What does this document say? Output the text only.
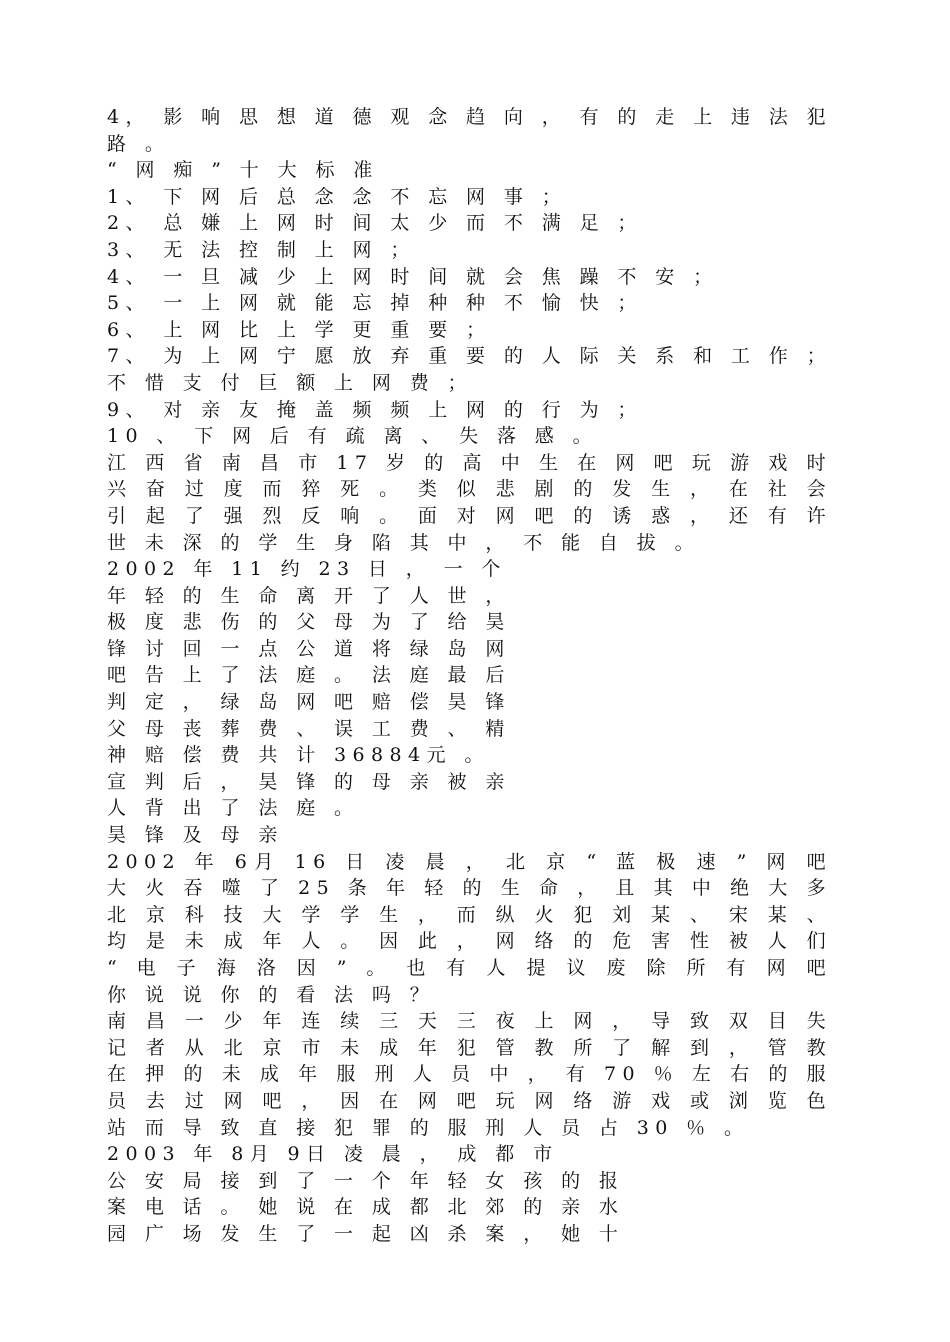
4， 影 响 思 想 道 德 观 念 趋 向 ， 有 的 走 上 违 法 犯
路 。
“ 网 痴 ” 十 大 标 准
1、 下 网 后 总 念 念 不 忘 网 事 ；
2、 总 嫌 上 网 时 间 太 少 而 不 满 足 ；
3、 无 法 控 制 上 网 ；
4、 一 旦 减 少 上 网 时 间 就 会 焦 躁 不 安 ；
5、 一 上 网 就 能 忘 掉 种 种 不 愉 快 ；
6、 上 网 比 上 学 更 重 要 ；
7、 为 上 网 宁 愿 放 弃 重 要 的 人 际 关 系 和 工 作 ；
不 惜 支 付 巨 额 上 网 费 ；
9、 对 亲 友 掩 盖 频 频 上 网 的 行 为 ；
10 、 下 网 后 有 疏 离 、 失 落 感 。
江 西 省 南 昌 市 17 岁 的 高 中 生 在 网 吧 玩 游 戏 时
兴 奋 过 度 而 猝 死 。 类 似 悲 剧 的 发 生 ， 在 社 会
引 起 了 强 烈 反 响 。 面 对 网 吧 的 诱 惑 ， 还 有 许
世 未 深 的 学 生 身 陷 其 中 ， 不 能 自 拔 。
2002 年 11 约 23 日 ， 一 个
年 轻 的 生 命 离 开 了 人 世 ，
极 度 悲 伤 的 父 母 为 了 给 昊
锋 讨 回 一 点 公 道 将 绿 岛 网
吧 告 上 了 法 庭 。 法 庭 最 后
判 定 ， 绿 岛 网 吧 赔 偿 昊 锋
父 母 丧 葬 费 、 误 工 费 、 精
神 赔 偿 费 共 计 36884元 。
宣 判 后 ， 昊 锋 的 母 亲 被 亲
人 背 出 了 法 庭 。
昊 锋 及 母 亲
2002 年 6月 16 日 凌 晨 ， 北 京 “ 蓝 极 速 ” 网 吧
大 火 吞 噬 了 25 条 年 轻 的 生 命 ， 且 其 中 绝 大 多
北 京 科 技 大 学 学 生 ， 而 纵 火 犯 刘 某 、 宋 某 、
均 是 未 成 年 人 。 因 此 ， 网 络 的 危 害 性 被 人 们
“ 电 子 海 洛 因 ” 。 也 有 人 提 议 废 除 所 有 网 吧
你 说 说 你 的 看 法 吗 ？
南 昌 一 少 年 连 续 三 天 三 夜 上 网 ， 导 致 双 目 失
记 者 从 北 京 市 未 成 年 犯 管 教 所 了 解 到 ， 管 教
在 押 的 未 成 年 服 刑 人 员 中 ， 有 70 ％ 左 右 的 服
员 去 过 网 吧 ， 因 在 网 吧 玩 网 络 游 戏 或 浏 览 色
站 而 导 致 直 接 犯 罪 的 服 刑 人 员 占 30 ％ 。
2003 年 8月 9日 凌 晨 ， 成 都 市
公 安 局 接 到 了 一 个 年 轻 女 孩 的 报
案 电 话 。 她 说 在 成 都 北 郊 的 亲 水
园 广 场 发 生 了 一 起 凶 杀 案 ， 她 十
